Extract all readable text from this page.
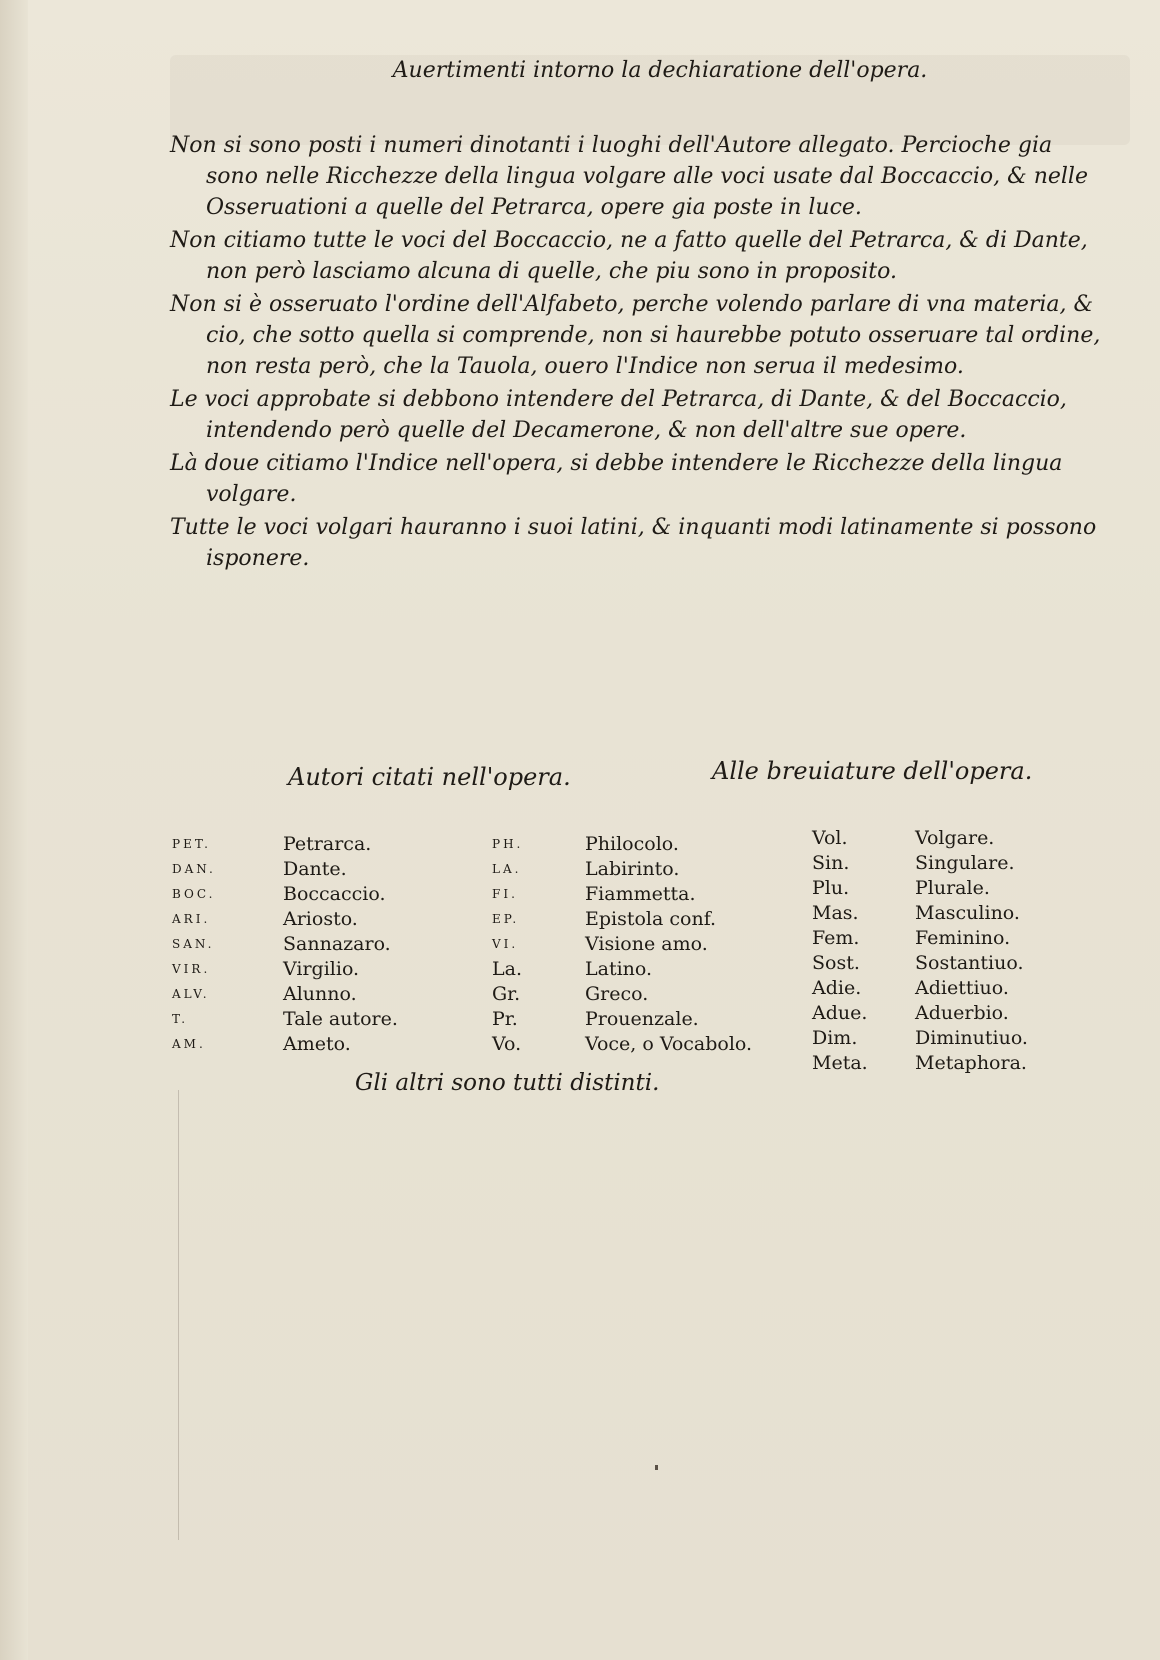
Auertimenti intorno la dechiaratione dell'opera.

Non si sono posti i numeri dinotanti i luoghi dell'Autore allegato. Percioche gia sono nelle Ricchezze della lingua volgare alle voci usate dal Boccaccio, & nelle Osseruationi a quelle del Petrarca, opere gia poste in luce.

Non citiamo tutte le voci del Boccaccio, ne a fatto quelle del Petrarca, & di Dante, non però lasciamo alcuna di quelle, che piu sono in proposito.

Non si è osseruato l'ordine dell'Alfabeto, perche volendo parlare di vna materia, & cio, che sotto quella si comprende, non si haurebbe potuto osseruare tal ordine, non resta però, che la Tauola, ouero l'Indice non serua il medesimo.

Le voci approbate si debbono intendere del Petrarca, di Dante, & del Boccaccio, intendendo però quelle del Decamerone, & non dell'altre sue opere.

Là doue citiamo l'Indice nell'opera, si debbe intendere le Ricchezze della lingua volgare.

Tutte le voci volgari hauranno i suoi latini, & inquanti modi latinamente si possono isponere.

Autori citati nell'opera.	Alle breuiature dell'opera.
PET.
DAN.
BOC.
ARI.
SAN.
VIR.
ALV.
T.
AM.
Petrarca.
Dante.
Boccaccio.
Ariosto.
Sannazaro.
Virgilio.
Alunno.
Tale autore.
Ameto.
PH.
LA.
FI.
EP.
VI.
La.
Gr.
Pr.
Vo.
Philocolo.
Labirinto.
Fiammetta.
Epistola conf.
Visione amo.
Latino.
Greco.
Prouenzale.
Voce, o Vocabolo.
Vol.
Sin.
Plu.
Mas.
Fem.
Sost.
Adie.
Adue.
Dim.
Meta.
Volgare.
Singulare.
Plurale.
Masculino.
Feminino.
Sostantiuo.
Adiettiuo.
Aduerbio.
Diminutiuo.
Metaphora.
Gli altri sono tutti distinti.
